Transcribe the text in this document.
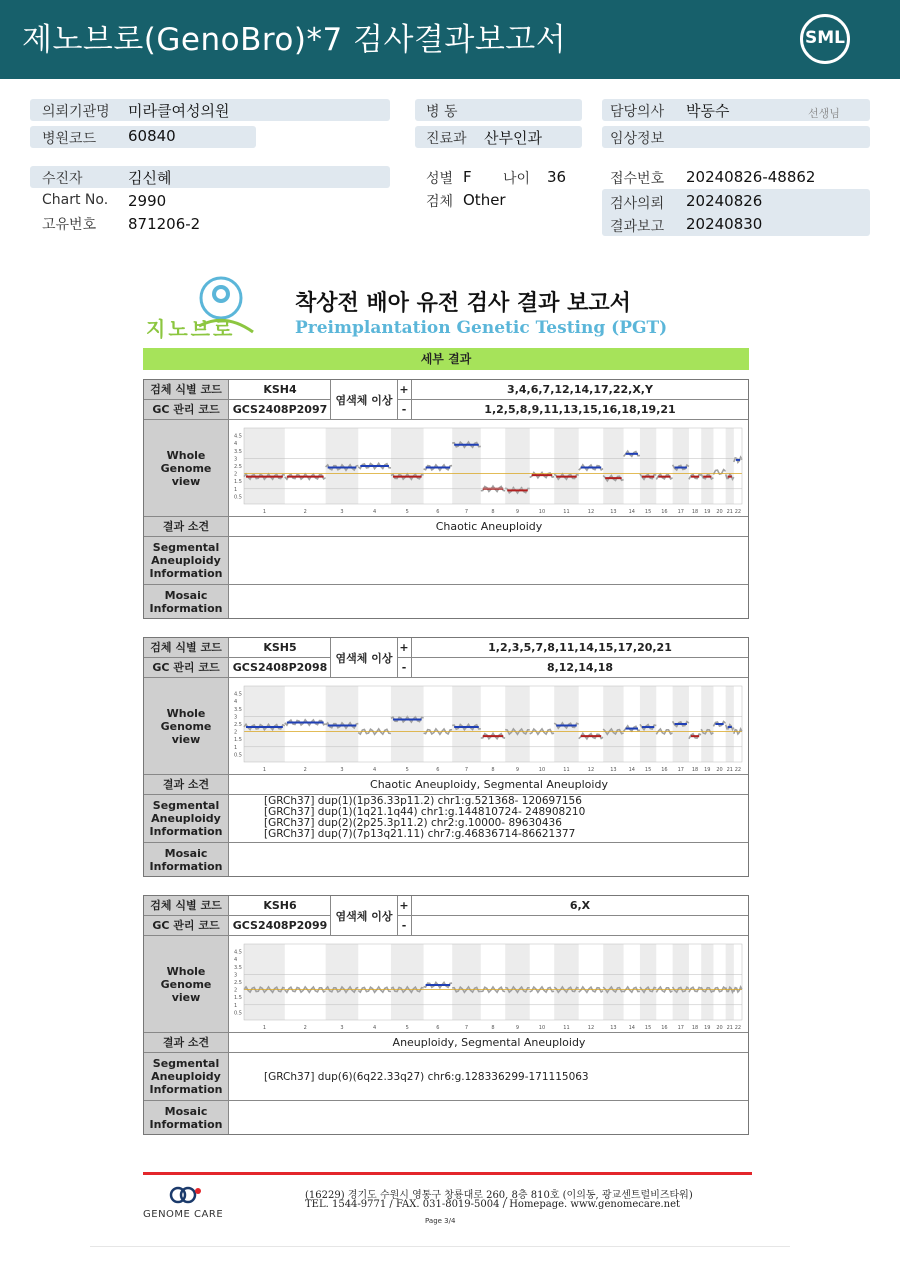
제노브로(GenoBro)*7 검사결과보고서	SML
의뢰기관명 미라클여성의원
병원코드 60840
병 동
진료과 산부인과
담당의사 박동수	선생님
임상정보
수진자	김신혜
Chart No. 2990
고유번호 871206-2
성별 F 나이 36
검체 Other
접수번호 20240826-48862
검사의뢰 20240826
결과보고 20240830
지노브로
착상전 배아 유전 검사 결과 보고서
Preimplantation Genetic Testing (PGT)
세부 결과
검체 식별 코드	KSH4	+	3,4,6,7,12,14,17,22,X,Y
GC 관리 코드	GCS2408P2097	-	1,2,5,8,9,11,13,15,16,18,19,21
염색체 이상
Whole Genome view
1	2	3	4	5	6	7	8	9	10	11	12	13 14 15 16 17 18 19 20 21 22
4.5
4
3.5
3
2.5
2
1.5
1
0.5
결과 소견	Chaotic Aneuploidy
Segmental Aneuploidy Information
Mosaic Information
검체 식별 코드	KSH5	+	1,2,3,5,7,8,11,14,15,17,20,21
GC 관리 코드	GCS2408P2098	-	8,12,14,18
염색체 이상
Whole Genome view
1	2	3	4	5	6	7	8	9	10	11	12	13 14 15 16 17 18 19 20 21 22
4.5
4
3.5
3
2.5
2
1.5
1
0.5
결과 소견	Chaotic Aneuploidy, Segmental Aneuploidy
Segmental Aneuploidy Information
[GRCh37] dup(1)(1p36.33p11.2) chr1:g.521368- 120697156
[GRCh37] dup(1)(1q21.1q44) chr1:g.144810724- 248908210
[GRCh37] dup(2)(2p25.3p11.2) chr2:g.10000- 89630436
[GRCh37] dup(7)(7p13q21.11) chr7:g.46836714-86621377
Mosaic Information
검체 식별 코드	KSH6	+	6,X
GC 관리 코드	GCS2408P2099	-
염색체 이상
Whole Genome view
1	2	3	4	5	6	7	8	9	10	11	12	13 14 15 16 17 18 19 20 21 22
4.5
4
3.5
3
2.5
2
1.5
1
0.5
결과 소견	Aneuploidy, Segmental Aneuploidy
Segmental Aneuploidy Information
[GRCh37] dup(6)(6q22.33q27) chr6:g.128336299-171115063
Mosaic Information
GENOME CARE
(16229) 경기도 수원시 영통구 창룡대로 260, 8층 810호 (이의동, 광교센트럴비즈타워)
TEL. 1544-9771 / FAX. 031-8019-5004 / Homepage. www.genomecare.net
Page 3/4
